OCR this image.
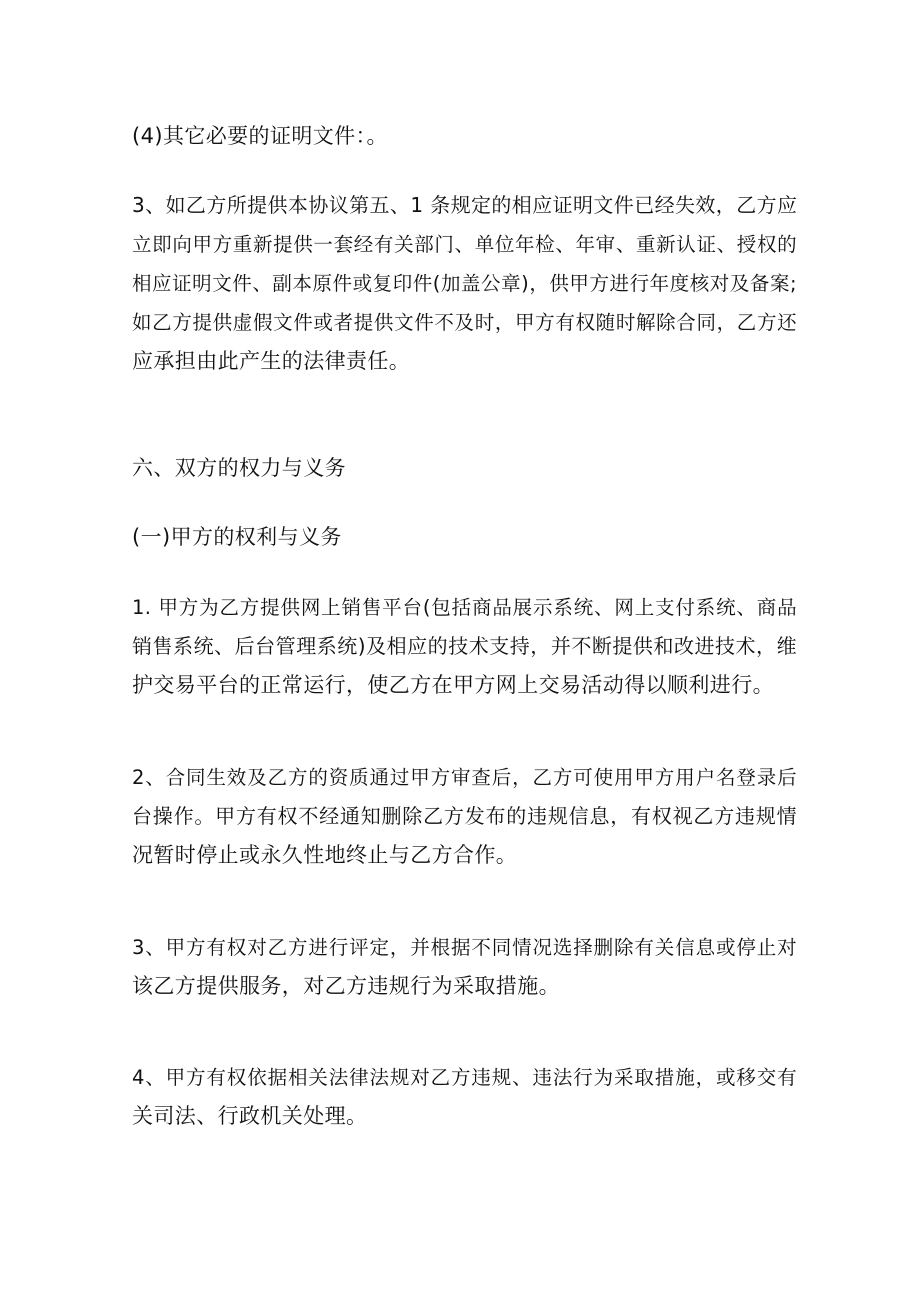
(4)其它必要的证明文件：。
3、如乙方所提供本协议第五、1 条规定的相应证明文件已经失效，乙方应
立即向甲方重新提供一套经有关部门、单位年检、年审、重新认证、授权的
相应证明文件、副本原件或复印件(加盖公章)，供甲方进行年度核对及备案;
如乙方提供虚假文件或者提供文件不及时，甲方有权随时解除合同，乙方还
应承担由此产生的法律责任。
六、双方的权力与义务
(一)甲方的权利与义务
1. 甲方为乙方提供网上销售平台(包括商品展示系统、网上支付系统、商品
销售系统、后台管理系统)及相应的技术支持，并不断提供和改进技术，维
护交易平台的正常运行，使乙方在甲方网上交易活动得以顺利进行。
2、合同生效及乙方的资质通过甲方审查后，乙方可使用甲方用户名登录后
台操作。甲方有权不经通知删除乙方发布的违规信息，有权视乙方违规情
况暂时停止或永久性地终止与乙方合作。
3、甲方有权对乙方进行评定，并根据不同情况选择删除有关信息或停止对
该乙方提供服务，对乙方违规行为采取措施。
4、甲方有权依据相关法律法规对乙方违规、违法行为采取措施，或移交有
关司法、行政机关处理。
